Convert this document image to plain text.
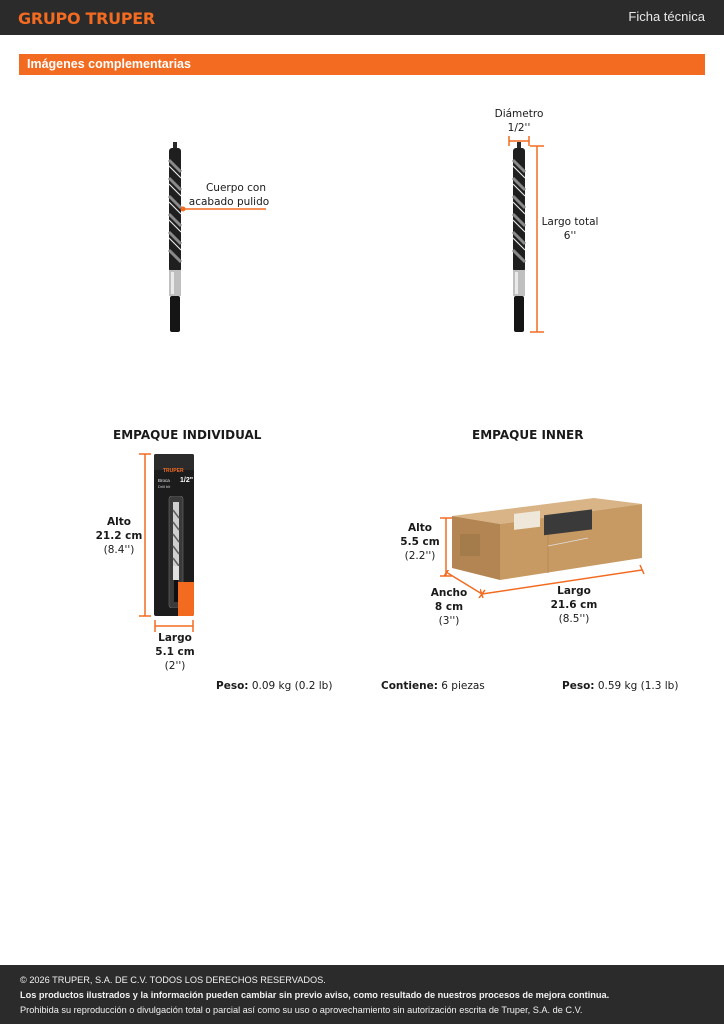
GRUPO TRUPER	Ficha técnica
Imágenes complementarias
Cuerpo con
acabado pulido
Diámetro
1/2''
Largo total
6''
EMPAQUE INDIVIDUAL
Alto
21.2 cm
(8.4'')
TRUPER
Broca
Drill bit
1/2"
Largo
5.1 cm
(2'')
Peso: 0.09 kg (0.2 lb)
EMPAQUE INNER
Alto
5.5 cm
(2.2'')
Ancho
8 cm
(3'')
Largo
21.6 cm
(8.5'')
Contiene: 6 piezas	Peso: 0.59 kg (1.3 lb)

© 2026 TRUPER, S.A. DE C.V. TODOS LOS DERECHOS RESERVADOS.

Los productos ilustrados y la información pueden cambiar sin previo aviso, como resultado de nuestros procesos de mejora continua.

Prohibida su reproducción o divulgación total o parcial así como su uso o aprovechamiento sin autorización escrita de Truper, S.A. de C.V.
